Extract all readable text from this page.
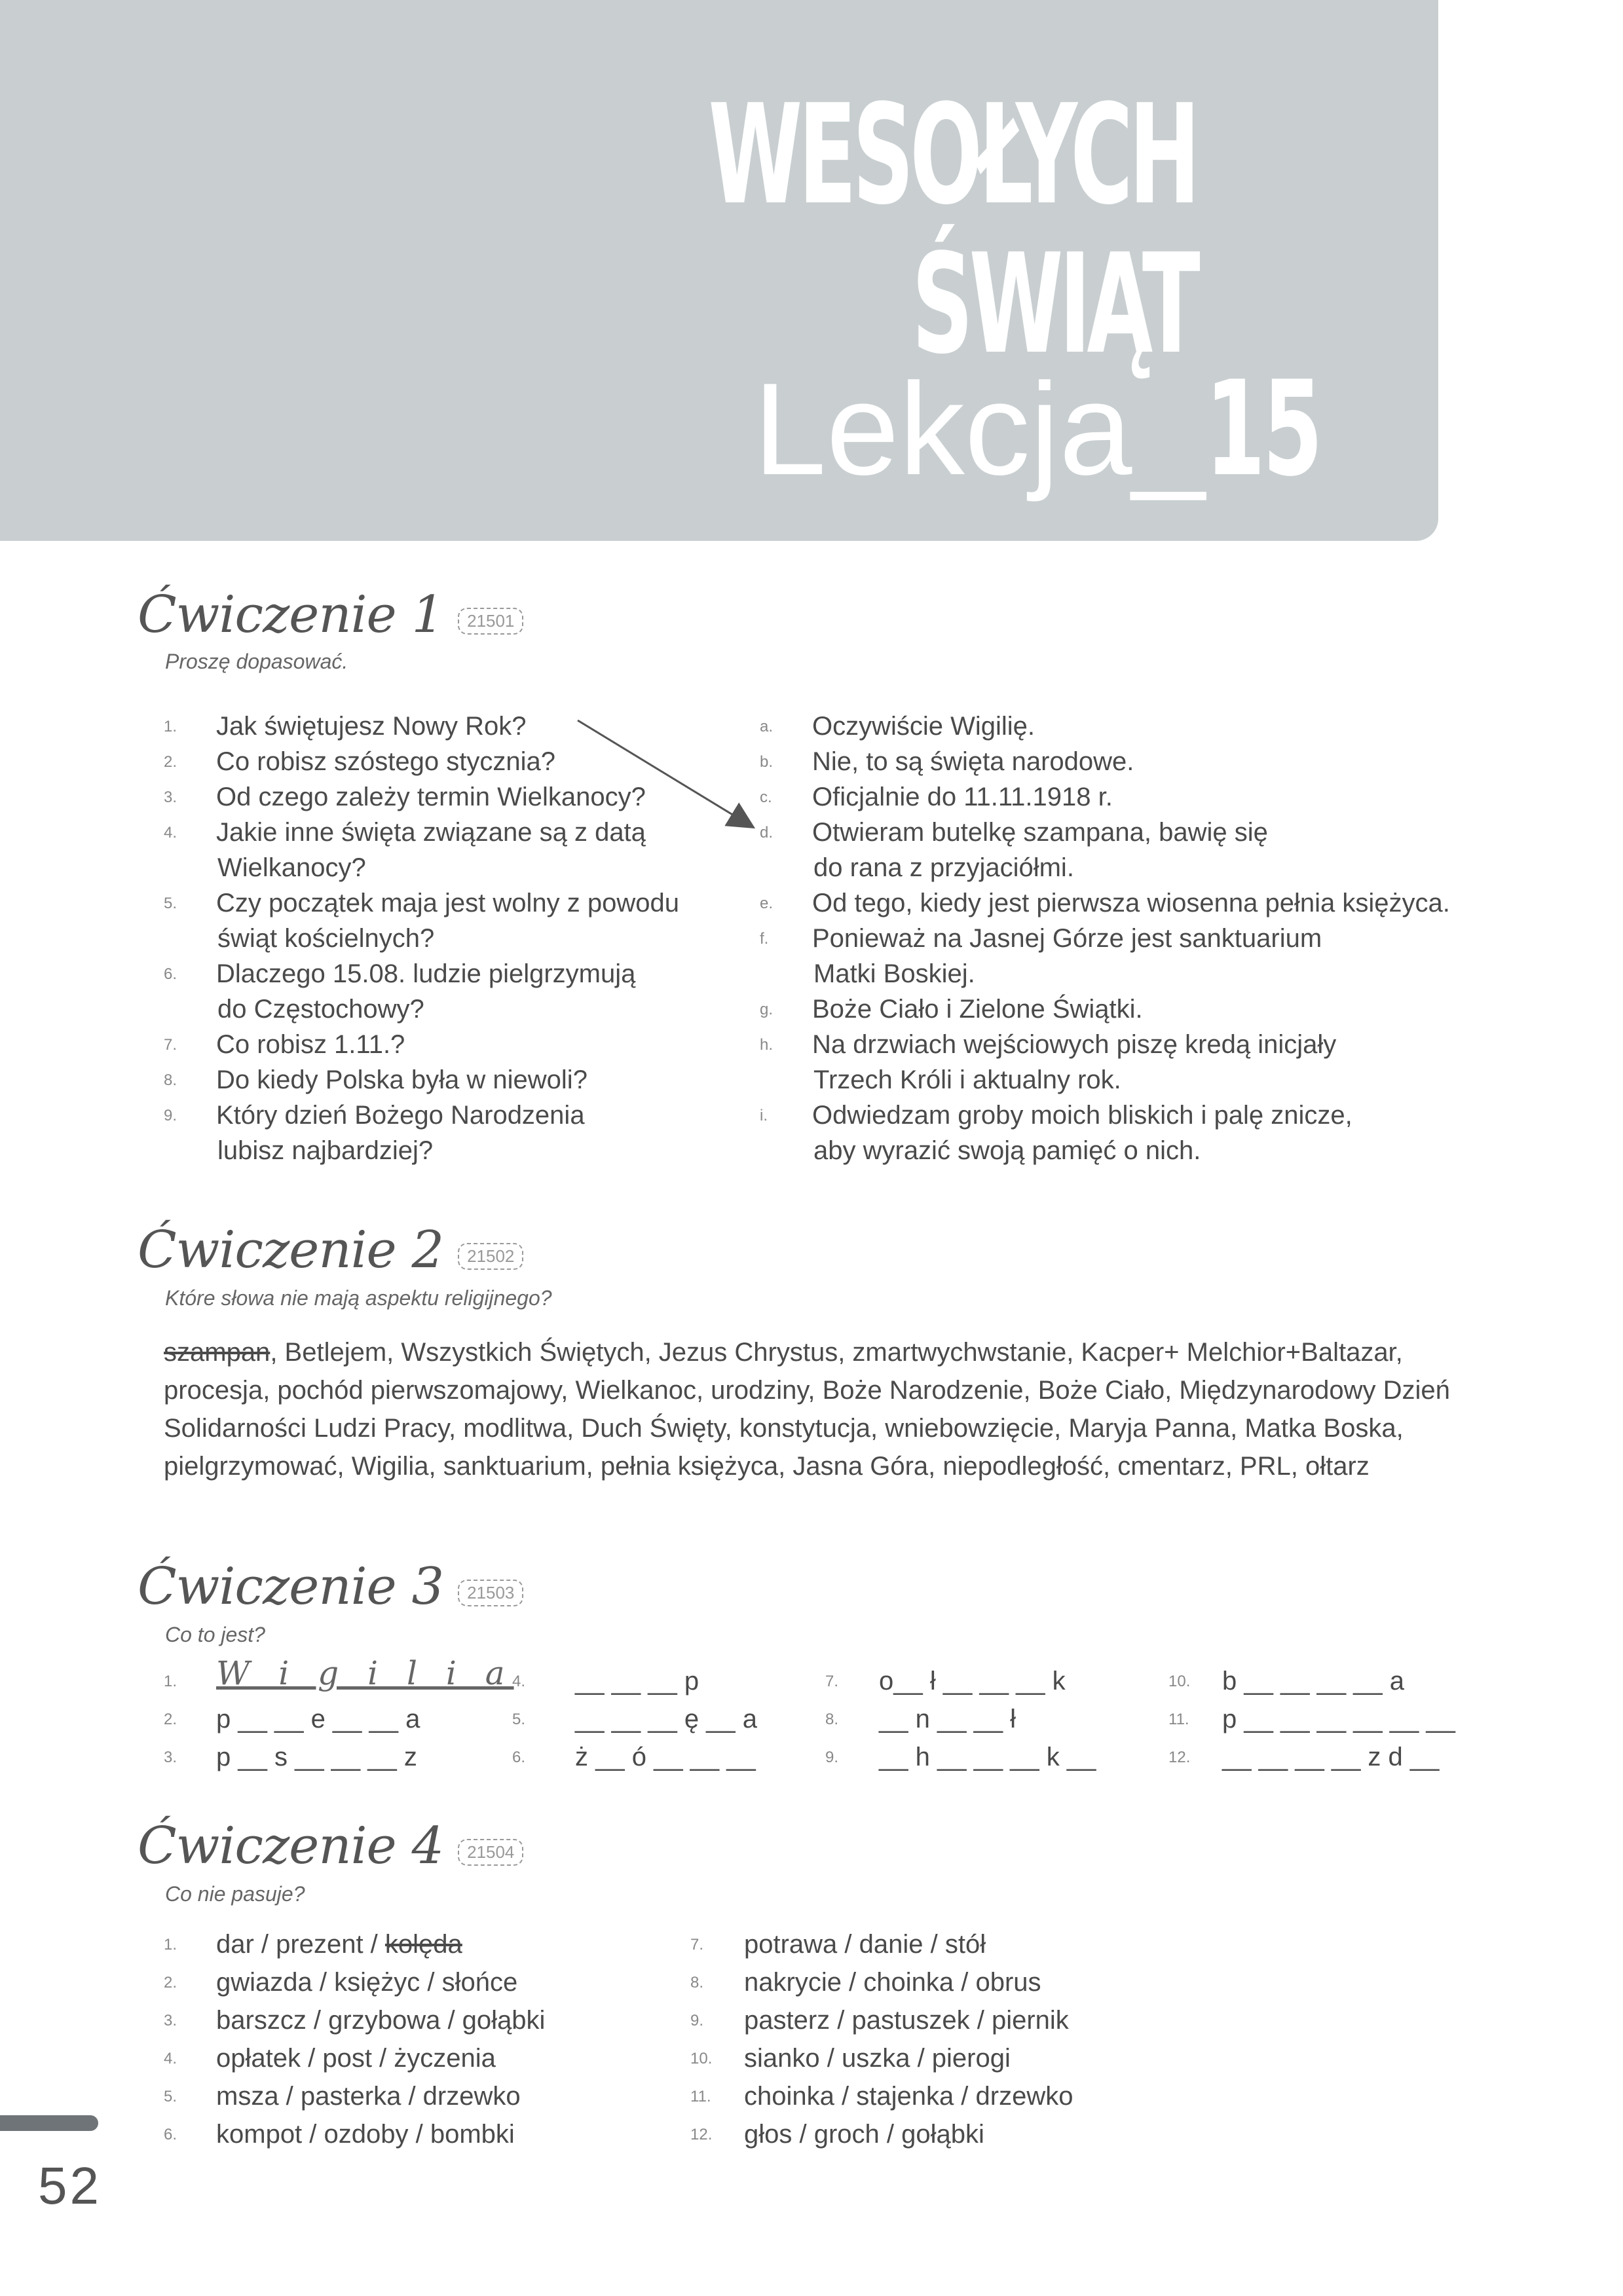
WESOŁYCH
ŚWIĄT
Lekcja_15
Ćwiczenie 1 21501
Proszę dopasować.
1. Jak świętujesz Nowy Rok?
2. Co robisz szóstego stycznia?
3. Od czego zależy termin Wielkanocy?
4. Jakie inne święta związane są z datą
Wielkanocy?
5. Czy początek maja jest wolny z powodu
świąt kościelnych?
6. Dlaczego 15.08. ludzie pielgrzymują
do Częstochowy?
7. Co robisz 1.11.?
8. Do kiedy Polska była w niewoli?
9. Który dzień Bożego Narodzenia
lubisz najbardziej?
a. Oczywiście Wigilię.
b. Nie, to są święta narodowe.
c. Oficjalnie do 11.11.1918 r.
d. Otwieram butelkę szampana, bawię się
do rana z przyjaciółmi.
e. Od tego, kiedy jest pierwsza wiosenna pełnia księżyca.
f. Ponieważ na Jasnej Górze jest sanktuarium
Matki Boskiej.
g. Boże Ciało i Zielone Świątki.
h. Na drzwiach wejściowych piszę kredą inicjały
Trzech Króli i aktualny rok.
i. Odwiedzam groby moich bliskich i palę znicze,
aby wyrazić swoją pamięć o nich.
Ćwiczenie 2 21502
Które słowa nie mają aspektu religijnego?
szampan, Betlejem, Wszystkich Świętych, Jezus Chrystus, zmartwychwstanie, Kacper+ Melchior+Baltazar, procesja, pochód pierwszomajowy, Wielkanoc, urodziny, Boże Narodzenie, Boże Ciało, Międzynarodowy Dzień Solidarności Ludzi Pracy, modlitwa, Duch Święty, konstytucja, wniebowzięcie, Maryja Panna, Matka Boska, pielgrzymować, Wigilia, sanktuarium, pełnia księżyca, Jasna Góra, niepodległość, cmentarz, PRL, ołtarz
Ćwiczenie 3 21503
Co to jest?
1. W i g i l i a
2. p __ __ e __ __ a
3. p __ s __ __ __ z
4. __ __ __ p
5. __ __ __ ę __ a
6. ż __ ó __ __ __
7. o__ ł __ __ __ k
8. __ n __ __ ł
9. __ h __ __ __ k __
10. b __ __ __ __ a
11. p __ __ __ __ __ __
12. __ __ __ __ z d __
Ćwiczenie 4 21504
Co nie pasuje?
1. dar / prezent / kolęda
2. gwiazda / księżyc / słońce
3. barszcz / grzybowa / gołąbki
4. opłatek / post / życzenia
5. msza / pasterka / drzewko
6. kompot / ozdoby / bombki
7. potrawa / danie / stół
8. nakrycie / choinka / obrus
9. pasterz / pastuszek / piernik
10. sianko / uszka / pierogi
11. choinka / stajenka / drzewko
12. głos / groch / gołąbki
52
